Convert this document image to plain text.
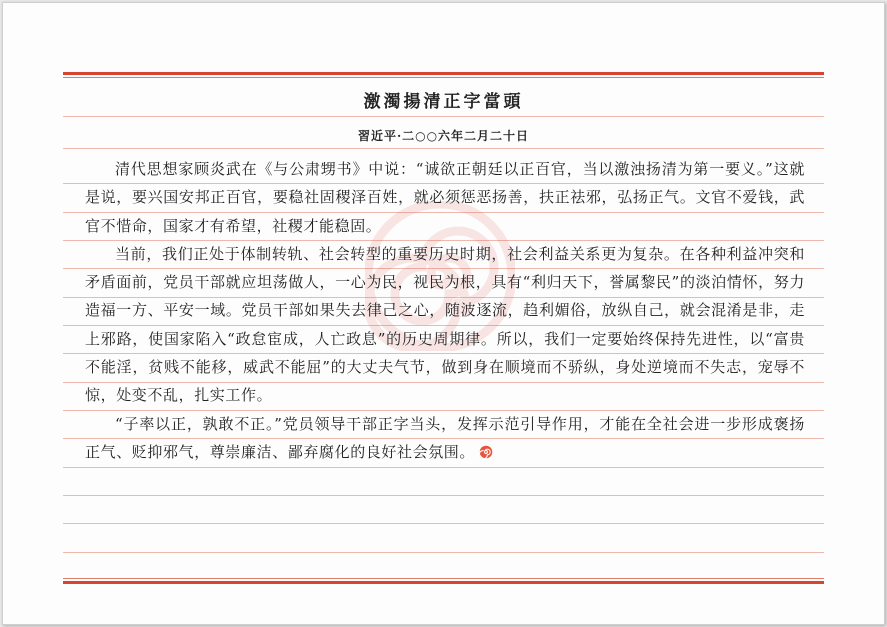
激濁揚清正字當頭
習近平·二○○六年二月二十日

清代思想家顾炎武在《与公肃甥书》中说：“诚欲正朝廷以正百官，当以激浊扬清为第一要义。”这就是说，要兴国安邦正百官，要稳社固稷泽百姓，就必须惩恶扬善，扶正祛邪，弘扬正气。文官不爱钱，武官不惜命，国家才有希望，社稷才能稳固。

当前，我们正处于体制转轨、社会转型的重要历史时期，社会利益关系更为复杂。在各种利益冲突和矛盾面前，党员干部就应坦荡做人，一心为民，视民为根，具有“利归天下，誉属黎民”的淡泊情怀，努力造福一方、平安一域。党员干部如果失去律己之心，随波逐流，趋利媚俗，放纵自己，就会混淆是非，走上邪路，使国家陷入“政怠宦成，人亡政息”的历史周期律。所以，我们一定要始终保持先进性，以“富贵不能淫，贫贱不能移，威武不能屈”的大丈夫气节，做到身在顺境而不骄纵，身处逆境而不失志，宠辱不惊，处变不乱，扎实工作。

“子率以正，孰敢不正。”党员领导干部正字当头，发挥示范引导作用，才能在全社会进一步形成褒扬正气、贬抑邪气，尊崇廉洁、鄙弃腐化的良好社会氛围。
